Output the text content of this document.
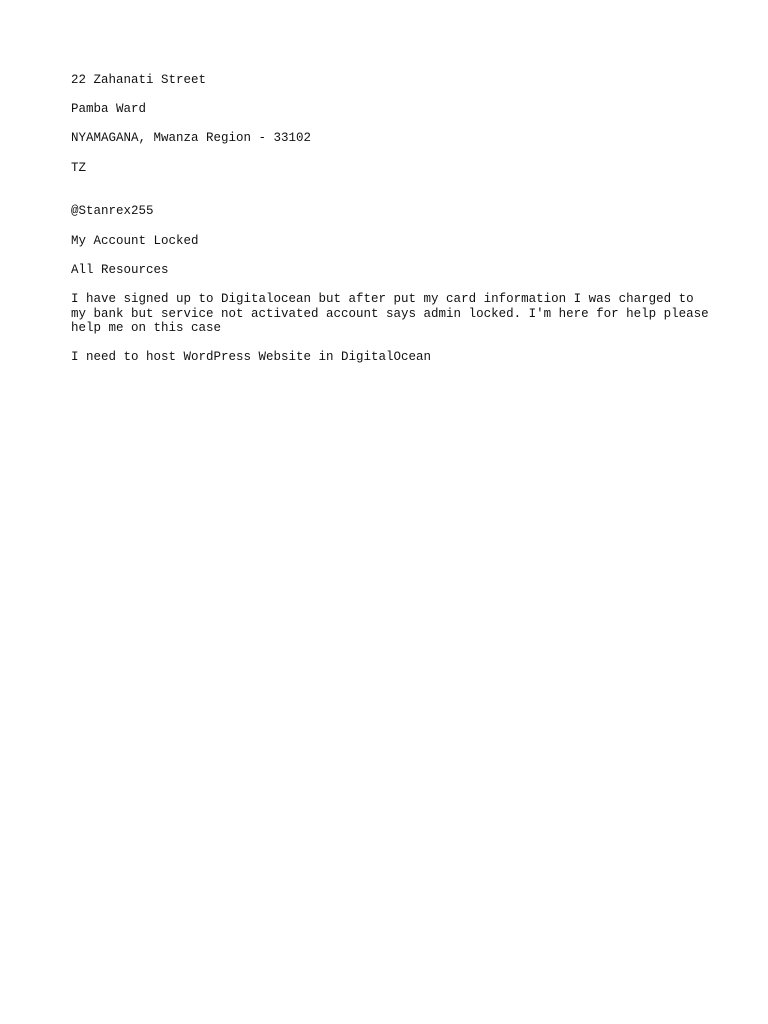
22 Zahanati Street

Pamba Ward

NYAMAGANA, Mwanza Region - 33102

TZ

@Stanrex255

My Account Locked

All Resources

I have signed up to Digitalocean but after put my card information I was charged to my bank but service not activated account says admin locked. I'm here for help please help me on this case

I need to host WordPress Website in DigitalOcean
